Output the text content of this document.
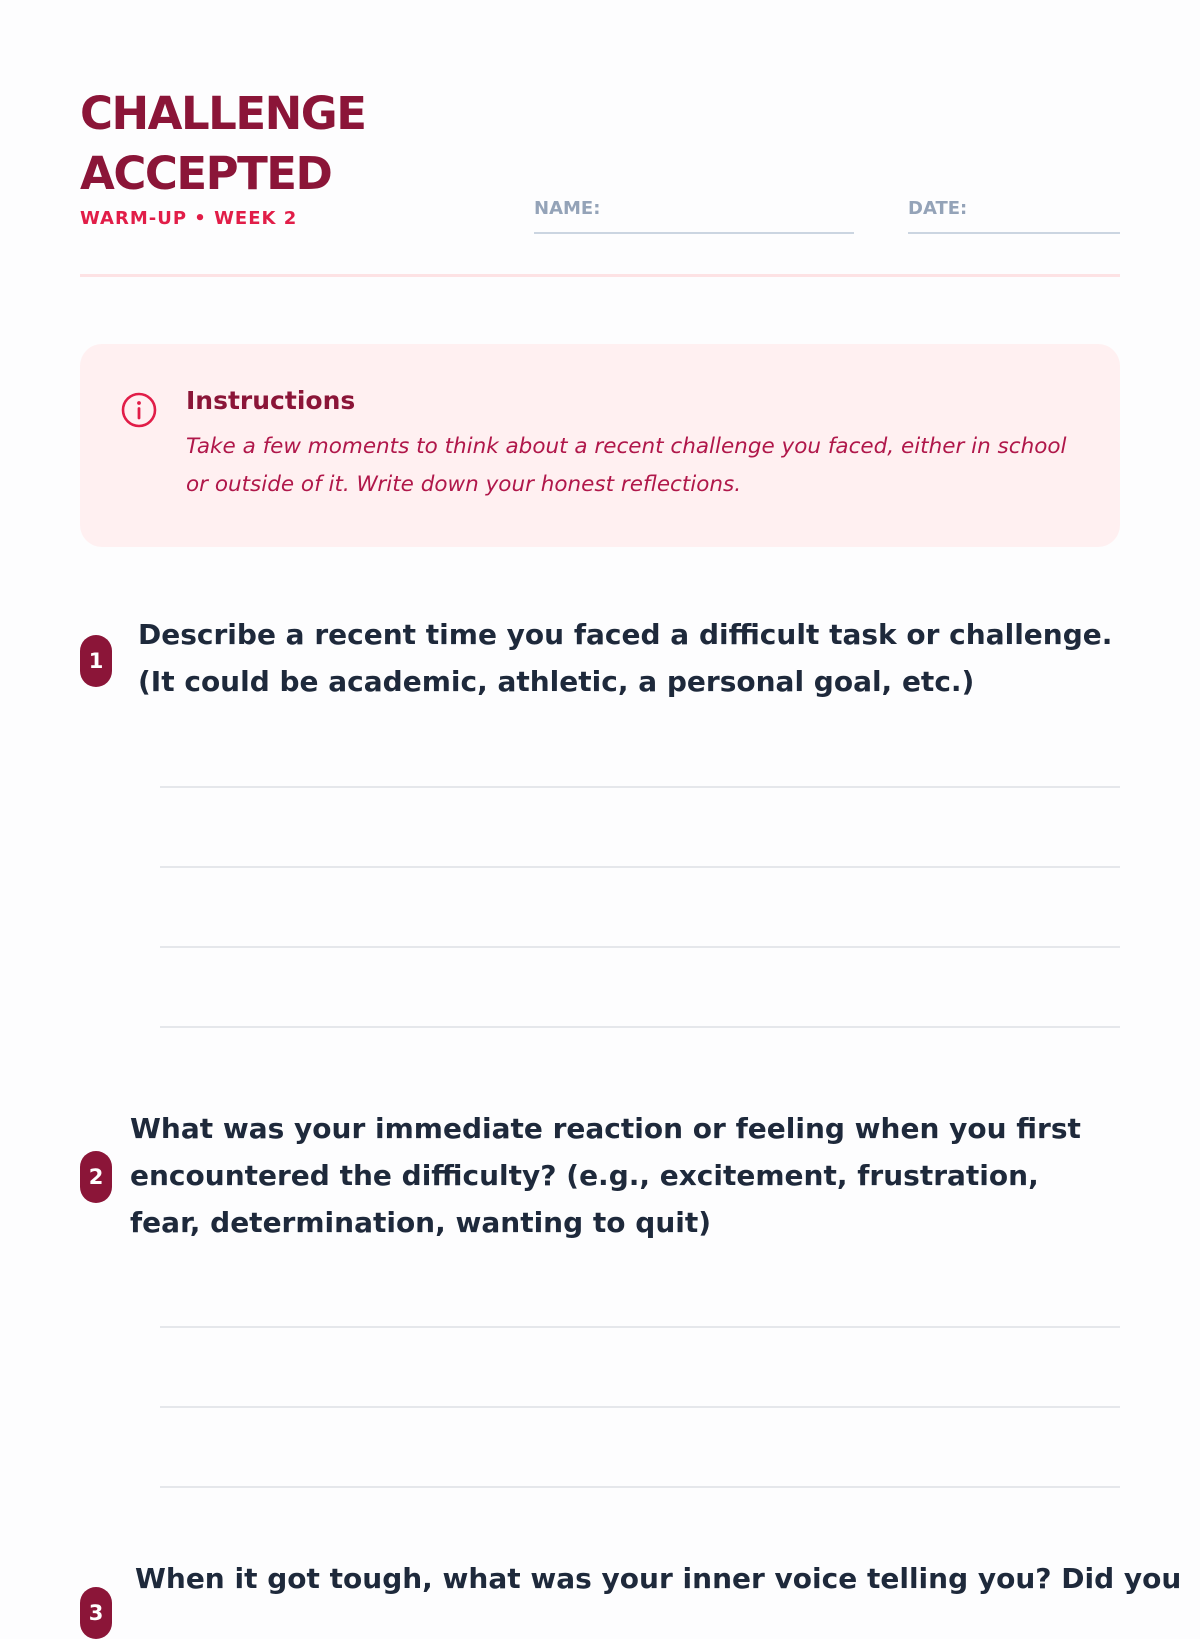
CHALLENGE ACCEPTED
WARM-UP • WEEK 2	NAME:	DATE:
Instructions
Take a few moments to think about a recent challenge you faced, either in school or outside of it. Write down your honest reflections.
1

Describe a recent time you faced a difficult task or challenge. (It could be academic, athletic, a personal goal, etc.)

2

What was your immediate reaction or feeling when you first encountered the difficulty? (e.g., excitement, frustration, fear, determination, wanting to quit)

3

When it got tough, what was your inner voice telling you? Did you
